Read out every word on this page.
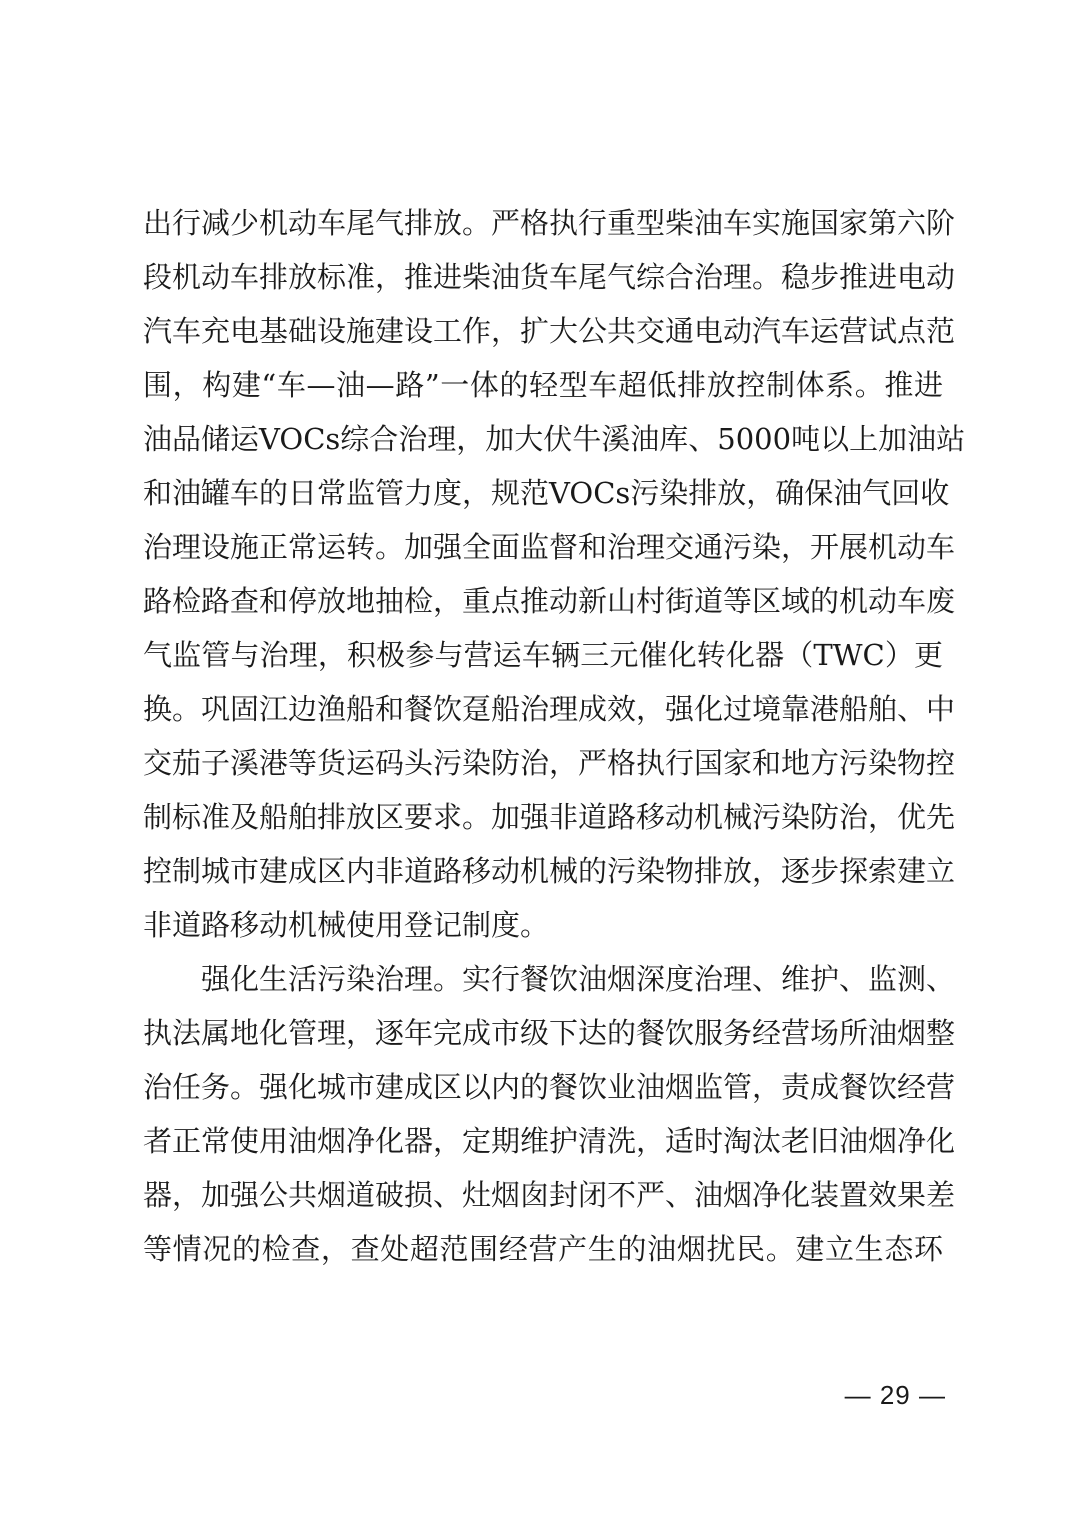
出行减少机动车尾气排放。严格执行重型柴油车实施国家第六阶
段机动车排放标准，推进柴油货车尾气综合治理。稳步推进电动
汽车充电基础设施建设工作，扩大公共交通电动汽车运营试点范
围，构建“车—油—路”一体的轻型车超低排放控制体系。推进
油品储运VOCs综合治理，加大伏牛溪油库、5000吨以上加油站
和油罐车的日常监管力度，规范VOCs污染排放，确保油气回收
治理设施正常运转。加强全面监督和治理交通污染，开展机动车
路检路查和停放地抽检，重点推动新山村街道等区域的机动车废
气监管与治理，积极参与营运车辆三元催化转化器（TWC）更
换。巩固江边渔船和餐饮趸船治理成效，强化过境靠港船舶、中
交茄子溪港等货运码头污染防治，严格执行国家和地方污染物控
制标准及船舶排放区要求。加强非道路移动机械污染防治，优先
控制城市建成区内非道路移动机械的污染物排放，逐步探索建立
非道路移动机械使用登记制度。
强化生活污染治理。实行餐饮油烟深度治理、维护、监测、
执法属地化管理，逐年完成市级下达的餐饮服务经营场所油烟整
治任务。强化城市建成区以内的餐饮业油烟监管，责成餐饮经营
者正常使用油烟净化器，定期维护清洗，适时淘汰老旧油烟净化
器，加强公共烟道破损、灶烟囱封闭不严、油烟净化装置效果差
等情况的检查，查处超范围经营产生的油烟扰民。建立生态环
— 29 —
